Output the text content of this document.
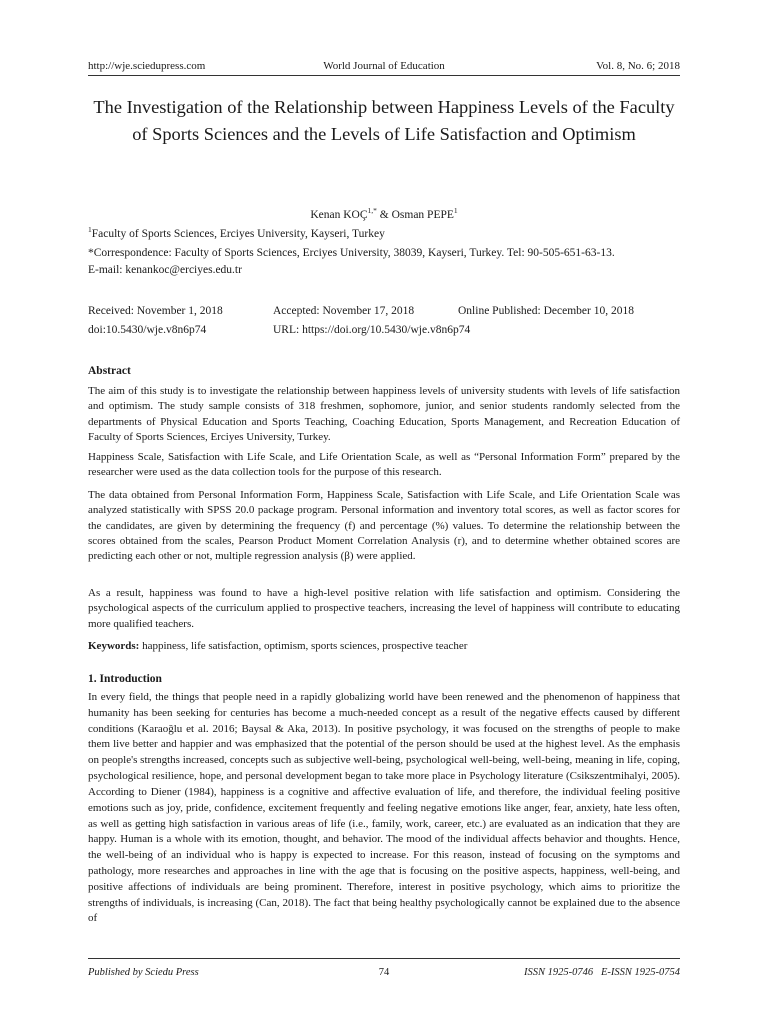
http://wje.sciedupress.com	World Journal of Education	Vol. 8, No. 6; 2018
The Investigation of the Relationship between Happiness Levels of the Faculty of Sports Sciences and the Levels of Life Satisfaction and Optimism
Kenan $KOÇ^{1,*}$ & Osman PEPE$^1$
$^1$Faculty of Sports Sciences, Erciyes University, Kayseri, Turkey
*Correspondence: Faculty of Sports Sciences, Erciyes University, 38039, Kayseri, Turkey. Tel: 90-505-651-63-13.
E-mail: kenankoc@erciyes.edu.tr
Received: November 1, 2018	Accepted: November 17, 2018	Online Published: December 10, 2018
doi:10.5430/wje.v8n6p74	URL: https://doi.org/10.5430/wje.v8n6p74
Abstract

The aim of this study is to investigate the relationship between happiness levels of university students with levels of life satisfaction and optimism. The study sample consists of 318 freshmen, sophomore, junior, and senior students randomly selected from the departments of Physical Education and Sports Teaching, Coaching Education, Sports Management, and Recreation Education of Faculty of Sports Sciences, Erciyes University, Turkey.

Happiness Scale, Satisfaction with Life Scale, and Life Orientation Scale, as well as “Personal Information Form” prepared by the researcher were used as the data collection tools for the purpose of this research.

The data obtained from Personal Information Form, Happiness Scale, Satisfaction with Life Scale, and Life Orientation Scale was analyzed statistically with SPSS 20.0 package program. Personal information and inventory total scores, as well as factor scores for the candidates, are given by determining the frequency (f) and percentage (%) values. To determine the relationship between the scores obtained from the scales, Pearson Product Moment Correlation Analysis (r), and to determine whether obtained scores are predicting each other or not, multiple regression analysis (β) were applied.

As a result, happiness was found to have a high-level positive relation with life satisfaction and optimism. Considering the psychological aspects of the curriculum applied to prospective teachers, increasing the level of happiness will contribute to educating more qualified teachers.

Keywords: happiness, life satisfaction, optimism, sports sciences, prospective teacher
1. Introduction

In every field, the things that people need in a rapidly globalizing world have been renewed and the phenomenon of happiness that humanity has been seeking for centuries has become a much-needed concept as a result of the negative effects caused by different conditions (Karaoğlu et al. 2016; Baysal & Aka, 2013). In positive psychology, it was focused on the strengths of people to make them live better and happier and was emphasized that the potential of the person should be used at the highest level. As the emphasis on people's strengths increased, concepts such as subjective well-being, psychological well-being, well-being, meaning in life, coping, psychological resilience, hope, and personal development began to take more place in Psychology literature (Csikszentmihalyi, 2005). According to Diener (1984), happiness is a cognitive and affective evaluation of life, and therefore, the individual feeling positive emotions such as joy, pride, confidence, excitement frequently and feeling negative emotions like anger, fear, anxiety, hate less often, as well as getting high satisfaction in various areas of life (i.e., family, work, career, etc.) are evaluated as an indication that they are happy. Human is a whole with its emotion, thought, and behavior. The mood of the individual affects behavior and thoughts. Hence, the well-being of an individual who is happy is expected to increase. For this reason, instead of focusing on the symptoms and pathology, more researches and approaches in line with the age that is focusing on the positive aspects, happiness, well-being, and positive affections of individuals are being prominent. Therefore, interest in positive psychology, which aims to prioritize the strengths of individuals, is increasing (Can, 2018). The fact that being healthy psychologically cannot be explained due to the absence of

Published by Sciedu Press	74	ISSN 1925-0746   E-ISSN 1925-0754
